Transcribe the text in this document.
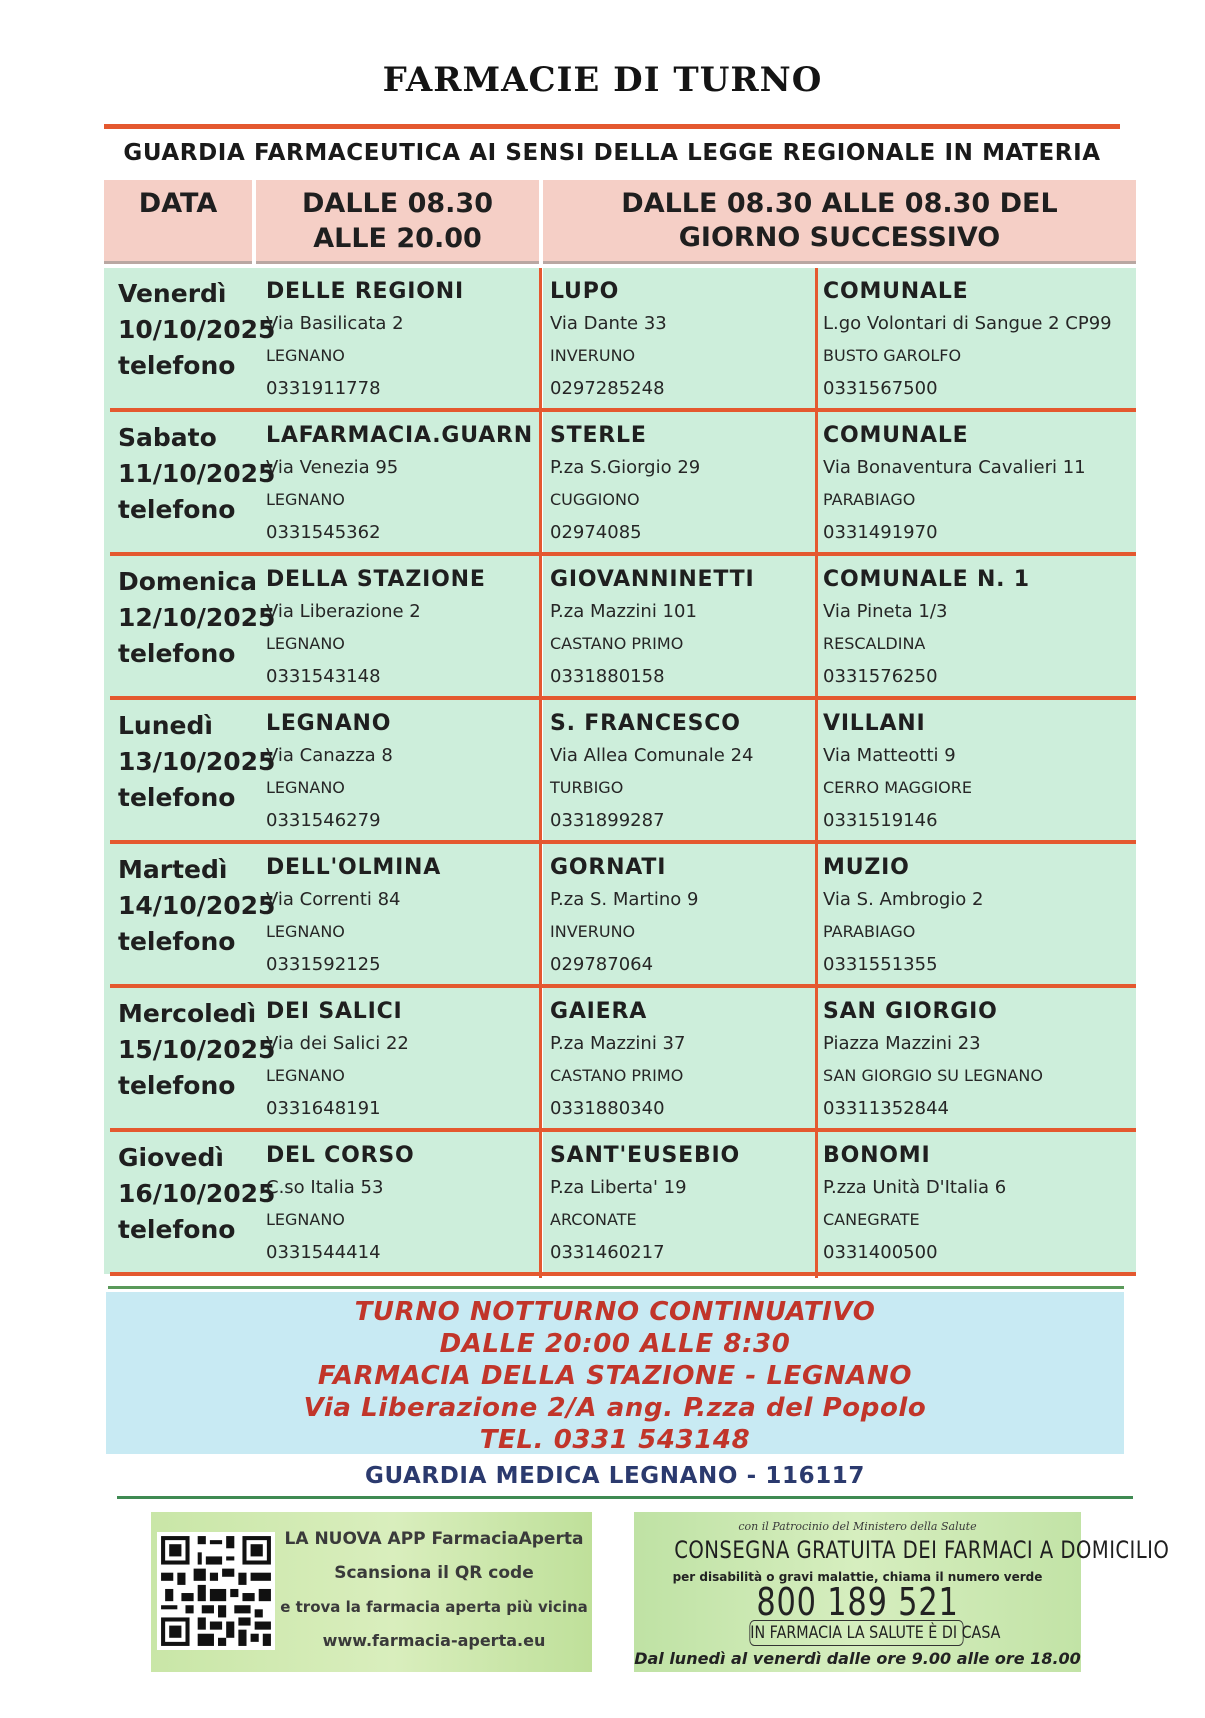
FARMACIE DI TURNO
GUARDIA FARMACEUTICA AI SENSI DELLA LEGGE REGIONALE IN MATERIA
DATA	DALLE 08.30
ALLE 20.00
DALLE 08.30 ALLE 08.30 DEL
GIORNO SUCCESSIVO
Venerdì
10/10/2025
telefono
DELLE REGIONI
Via Basilicata 2
LEGNANO
0331911778
LUPO
Via Dante 33
INVERUNO
0297285248
COMUNALE
L.go Volontari di Sangue 2 CP99
BUSTO GAROLFO
0331567500
Sabato
11/10/2025
telefono
LAFARMACIA.GUARN
Via Venezia 95
LEGNANO
0331545362
STERLE
P.za S.Giorgio 29
CUGGIONO
02974085
COMUNALE
Via Bonaventura Cavalieri 11
PARABIAGO
0331491970
Domenica
12/10/2025
telefono
DELLA STAZIONE
Via Liberazione 2
LEGNANO
0331543148
GIOVANNINETTI
P.za Mazzini 101
CASTANO PRIMO
0331880158
COMUNALE N. 1
Via Pineta 1/3
RESCALDINA
0331576250
Lunedì
13/10/2025
telefono
LEGNANO
Via Canazza 8
LEGNANO
0331546279
S. FRANCESCO
Via Allea Comunale 24
TURBIGO
0331899287
VILLANI
Via Matteotti 9
CERRO MAGGIORE
0331519146
Martedì
14/10/2025
telefono
DELL'OLMINA
Via Correnti 84
LEGNANO
0331592125
GORNATI
P.za S. Martino 9
INVERUNO
029787064
MUZIO
Via S. Ambrogio 2
PARABIAGO
0331551355
Mercoledì
15/10/2025
telefono
DEI SALICI
Via dei Salici 22
LEGNANO
0331648191
GAIERA
P.za Mazzini 37
CASTANO PRIMO
0331880340
SAN GIORGIO
Piazza Mazzini 23
SAN GIORGIO SU LEGNANO
03311352844
Giovedì
16/10/2025
telefono
DEL CORSO
C.so Italia 53
LEGNANO
0331544414
SANT'EUSEBIO
P.za Liberta' 19
ARCONATE
0331460217
BONOMI
P.zza Unità D'Italia 6
CANEGRATE
0331400500
TURNO NOTTURNO CONTINUATIVO
DALLE 20:00 ALLE 8:30
FARMACIA DELLA STAZIONE - LEGNANO
Via Liberazione 2/A ang. P.zza del Popolo
TEL. 0331 543148
GUARDIA MEDICA LEGNANO - 116117
LA NUOVA APP FarmaciaAperta
Scansiona il QR code
e trova la farmacia aperta più vicina
www.farmacia-aperta.eu
con il Patrocinio del Ministero della Salute
CONSEGNA GRATUITA DEI FARMACI A DOMICILIO
per disabilità o gravi malattie, chiama il numero verde
800 189 521
IN FARMACIA LA SALUTE È DI CASA
Dal lunedì al venerdì dalle ore 9.00 alle ore 18.00
